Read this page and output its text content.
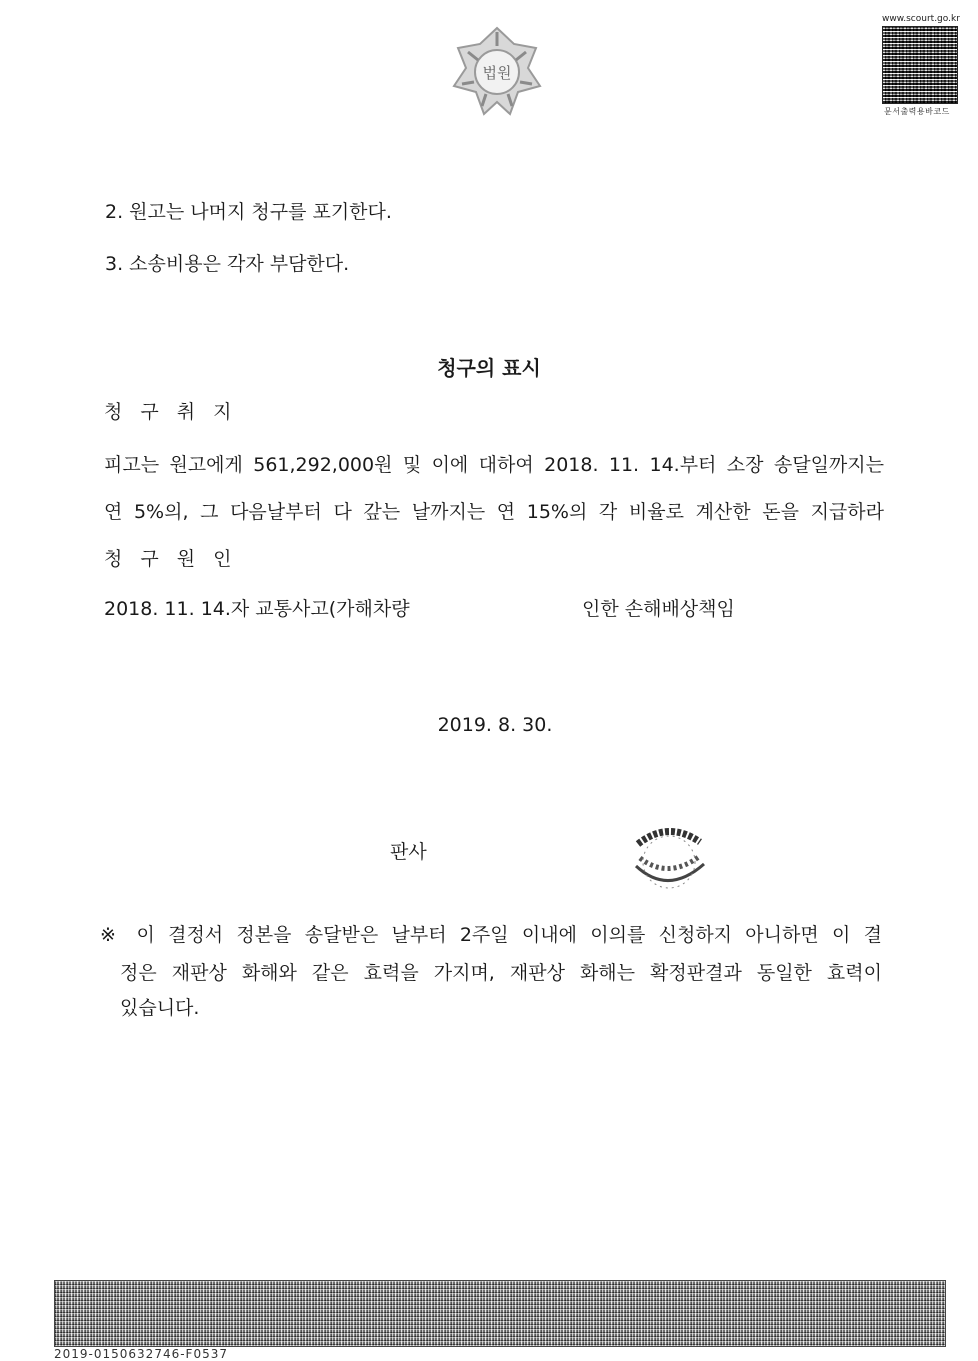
법원
www.scourt.go.kr
문서출력용바코드
2. 원고는 나머지 청구를 포기한다.
3. 소송비용은 각자 부담한다.
청구의 표시
청 구 취 지
피고는 원고에게 561,292,000원 및 이에 대하여 2018. 11. 14.부터 소장 송달일까지는
연 5%의, 그 다음날부터 다 갚는 날까지는 연 15%의 각 비율로 계산한 돈을 지급하라
청 구 원 인
2018. 11. 14.자 교통사고(가해차량	인한 손해배상책임
2019. 8. 30.
판사
※ 이 결정서 정본을 송달받은 날부터 2주일 이내에 이의를 신청하지 아니하면 이 결
정은 재판상 화해와 같은 효력을 가지며, 재판상 화해는 확정판결과 동일한 효력이
있습니다.
2019-0150632746-F0537
